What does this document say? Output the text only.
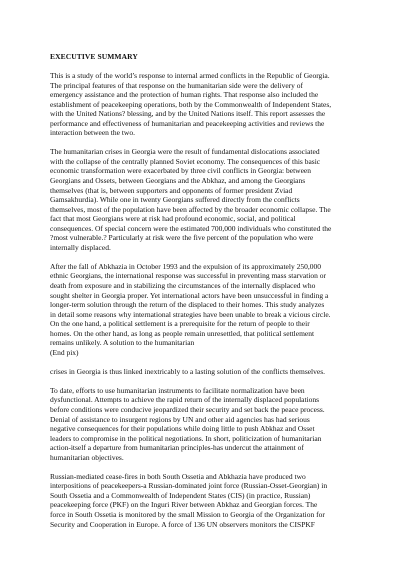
EXECUTIVE SUMMARY
This is a study of the world’s response to internal armed conflicts in the Republic of Georgia.
The principal features of that response on the humanitarian side were the delivery of
emergency assistance and the protection of human rights. That response also included the
establishment of peacekeeping operations, both by the Commonwealth of Independent States,
with the United Nations? blessing, and by the United Nations itself. This report assesses the
performance and effectiveness of humanitarian and peacekeeping activities and reviews the
interaction between the two.
The humanitarian crises in Georgia were the result of fundamental dislocations associated
with the collapse of the centrally planned Soviet economy. The consequences of this basic
economic transformation were exacerbated by three civil conflicts in Georgia: between
Georgians and Ossets, between Georgians and the Abkhaz, and among the Georgians
themselves (that is, between supporters and opponents of former president Zviad
Gamsakhurdia). While one in twenty Georgians suffered directly from the conflicts
themselves, most of the population have been affected by the broader economic collapse. The
fact that most Georgians were at risk had profound economic, social, and political
consequences. Of special concern were the estimated 700,000 individuals who constituted the
?most vulnerable.? Particularly at risk were the five percent of the population who were
internally displaced.
After the fall of Abkhazia in October 1993 and the expulsion of its approximately 250,000
ethnic Georgians, the international response was successful in preventing mass starvation or
death from exposure and in stabilizing the circumstances of the internally displaced who
sought shelter in Georgia proper. Yet international actors have been unsuccessful in finding a
longer-term solution through the return of the displaced to their homes. This study analyzes
in detail some reasons why international strategies have been unable to break a vicious circle.
On the one hand, a political settlement is a prerequisite for the return of people to their
homes. On the other hand, as long as people remain unresettled, that political settlement
remains unlikely. A solution to the humanitarian
(End pix)
crises in Georgia is thus linked inextricably to a lasting solution of the conflicts themselves.
To date, efforts to use humanitarian instruments to facilitate normalization have been
dysfunctional. Attempts to achieve the rapid return of the internally displaced populations
before conditions were conducive jeopardized their security and set back the peace process.
Denial of assistance to insurgent regions by UN and other aid agencies has had serious
negative consequences for their populations while doing little to push Abkhaz and Osset
leaders to compromise in the political negotiations. In short, politicization of humanitarian
action-itself a departure from humanitarian principles-has undercut the attainment of
humanitarian objectives.
Russian-mediated cease-fires in both South Ossetia and Abkhazia have produced two
interpositions of peacekeepers-a Russian-dominated joint force (Russian-Osset-Georgian) in
South Ossetia and a Commonwealth of Independent States (CIS) (in practice, Russian)
peacekeeping force (PKF) on the Inguri River between Abkhaz and Georgian forces. The
force in South Ossetia is monitored by the small Mission to Georgia of the Organization for
Security and Cooperation in Europe. A force of 136 UN observers monitors the CISPKF
